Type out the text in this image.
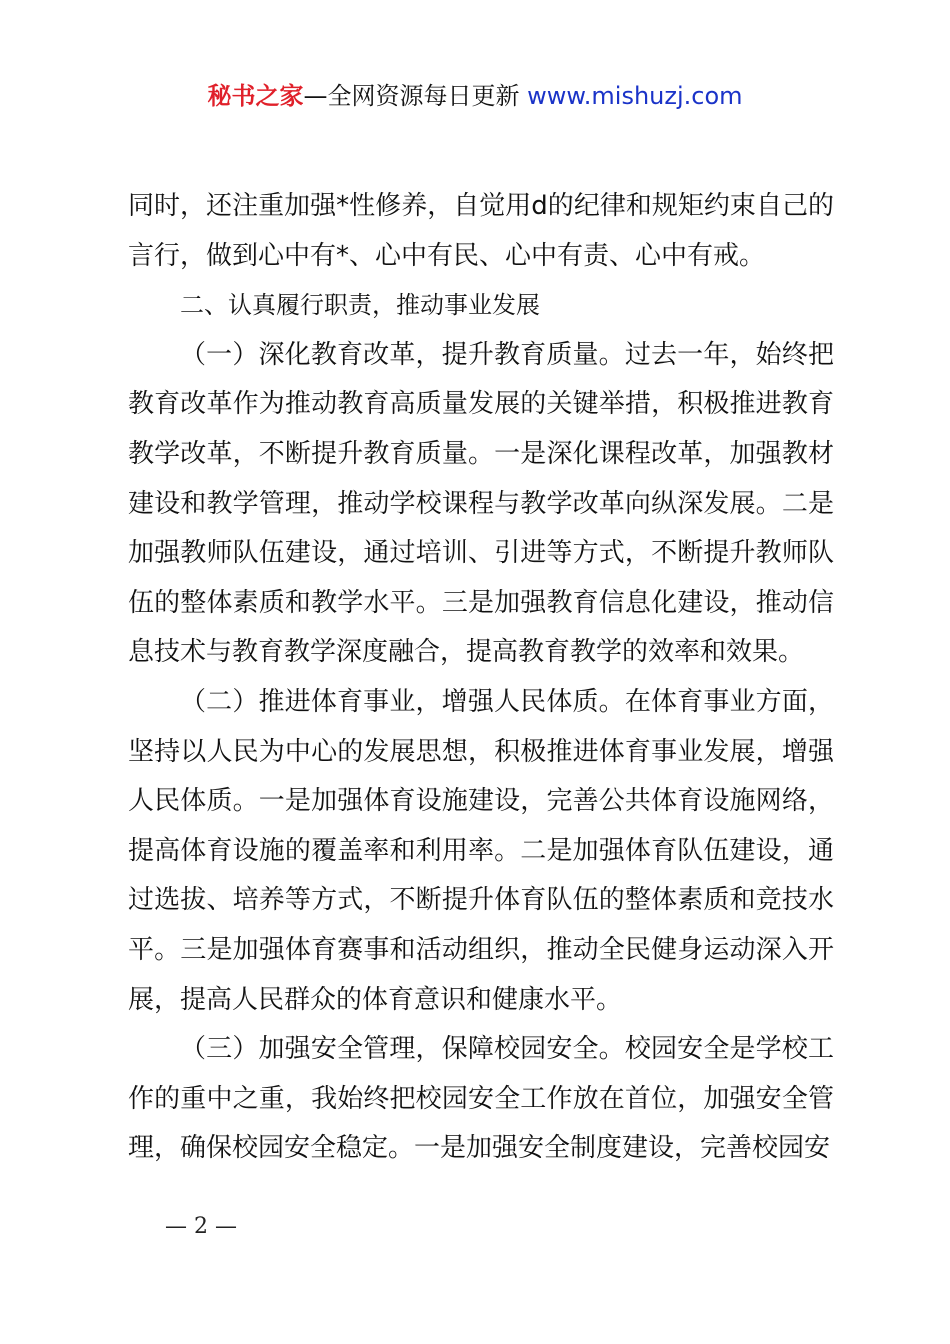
秘书之家—全网资源每日更新 www.mishuzj.com

同时，还注重加强*性修养，自觉用d的纪律和规矩约束自己的言行，做到心中有*、心中有民、心中有责、心中有戒。

二、认真履行职责，推动事业发展

（一）深化教育改革，提升教育质量。过去一年，始终把教育改革作为推动教育高质量发展的关键举措，积极推进教育教学改革，不断提升教育质量。一是深化课程改革，加强教材建设和教学管理，推动学校课程与教学改革向纵深发展。二是加强教师队伍建设，通过培训、引进等方式，不断提升教师队伍的整体素质和教学水平。三是加强教育信息化建设，推动信息技术与教育教学深度融合，提高教育教学的效率和效果。

（二）推进体育事业，增强人民体质。在体育事业方面，坚持以人民为中心的发展思想，积极推进体育事业发展，增强人民体质。一是加强体育设施建设，完善公共体育设施网络，提高体育设施的覆盖率和利用率。二是加强体育队伍建设，通过选拔、培养等方式，不断提升体育队伍的整体素质和竞技水平。三是加强体育赛事和活动组织，推动全民健身运动深入开展，提高人民群众的体育意识和健康水平。

（三）加强安全管理，保障校园安全。校园安全是学校工作的重中之重，我始终把校园安全工作放在首位，加强安全管理，确保校园安全稳定。一是加强安全制度建设，完善校园安

— 2 —
